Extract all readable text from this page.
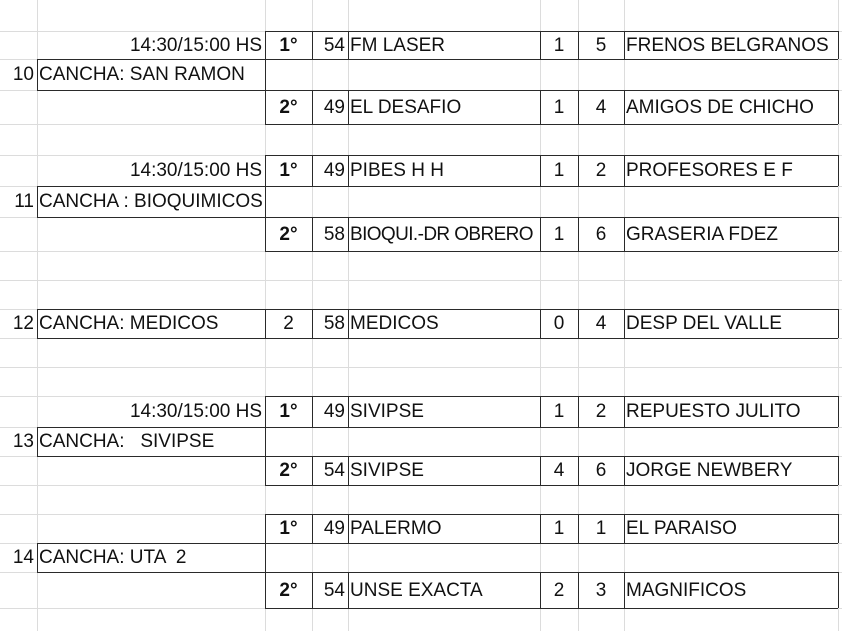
14:30/15:00 HS 1°	54 FM LASER	1	5	FRENOS BELGRANOS
10 CANCHA: SAN RAMON
2°	49 EL DESAFIO	1	4	AMIGOS DE CHICHO
14:30/15:00 HS 1°	49 PIBES H H	1	2	PROFESORES E F
11 CANCHA : BIOQUIMICOS
2°	58 BIOQUI.-DR OBRERO	1	6	GRASERIA FDEZ
12 CANCHA: MEDICOS	2	58 MEDICOS	0	4	DESP DEL VALLE
14:30/15:00 HS 1°	49 SIVIPSE	1	2	REPUESTO JULITO
13 CANCHA:   SIVIPSE
2°	54 SIVIPSE	4	6	JORGE NEWBERY
1°	49 PALERMO	1	1	EL PARAISO
14 CANCHA: UTA  2
2°	54 UNSE EXACTA	2	3	MAGNIFICOS
